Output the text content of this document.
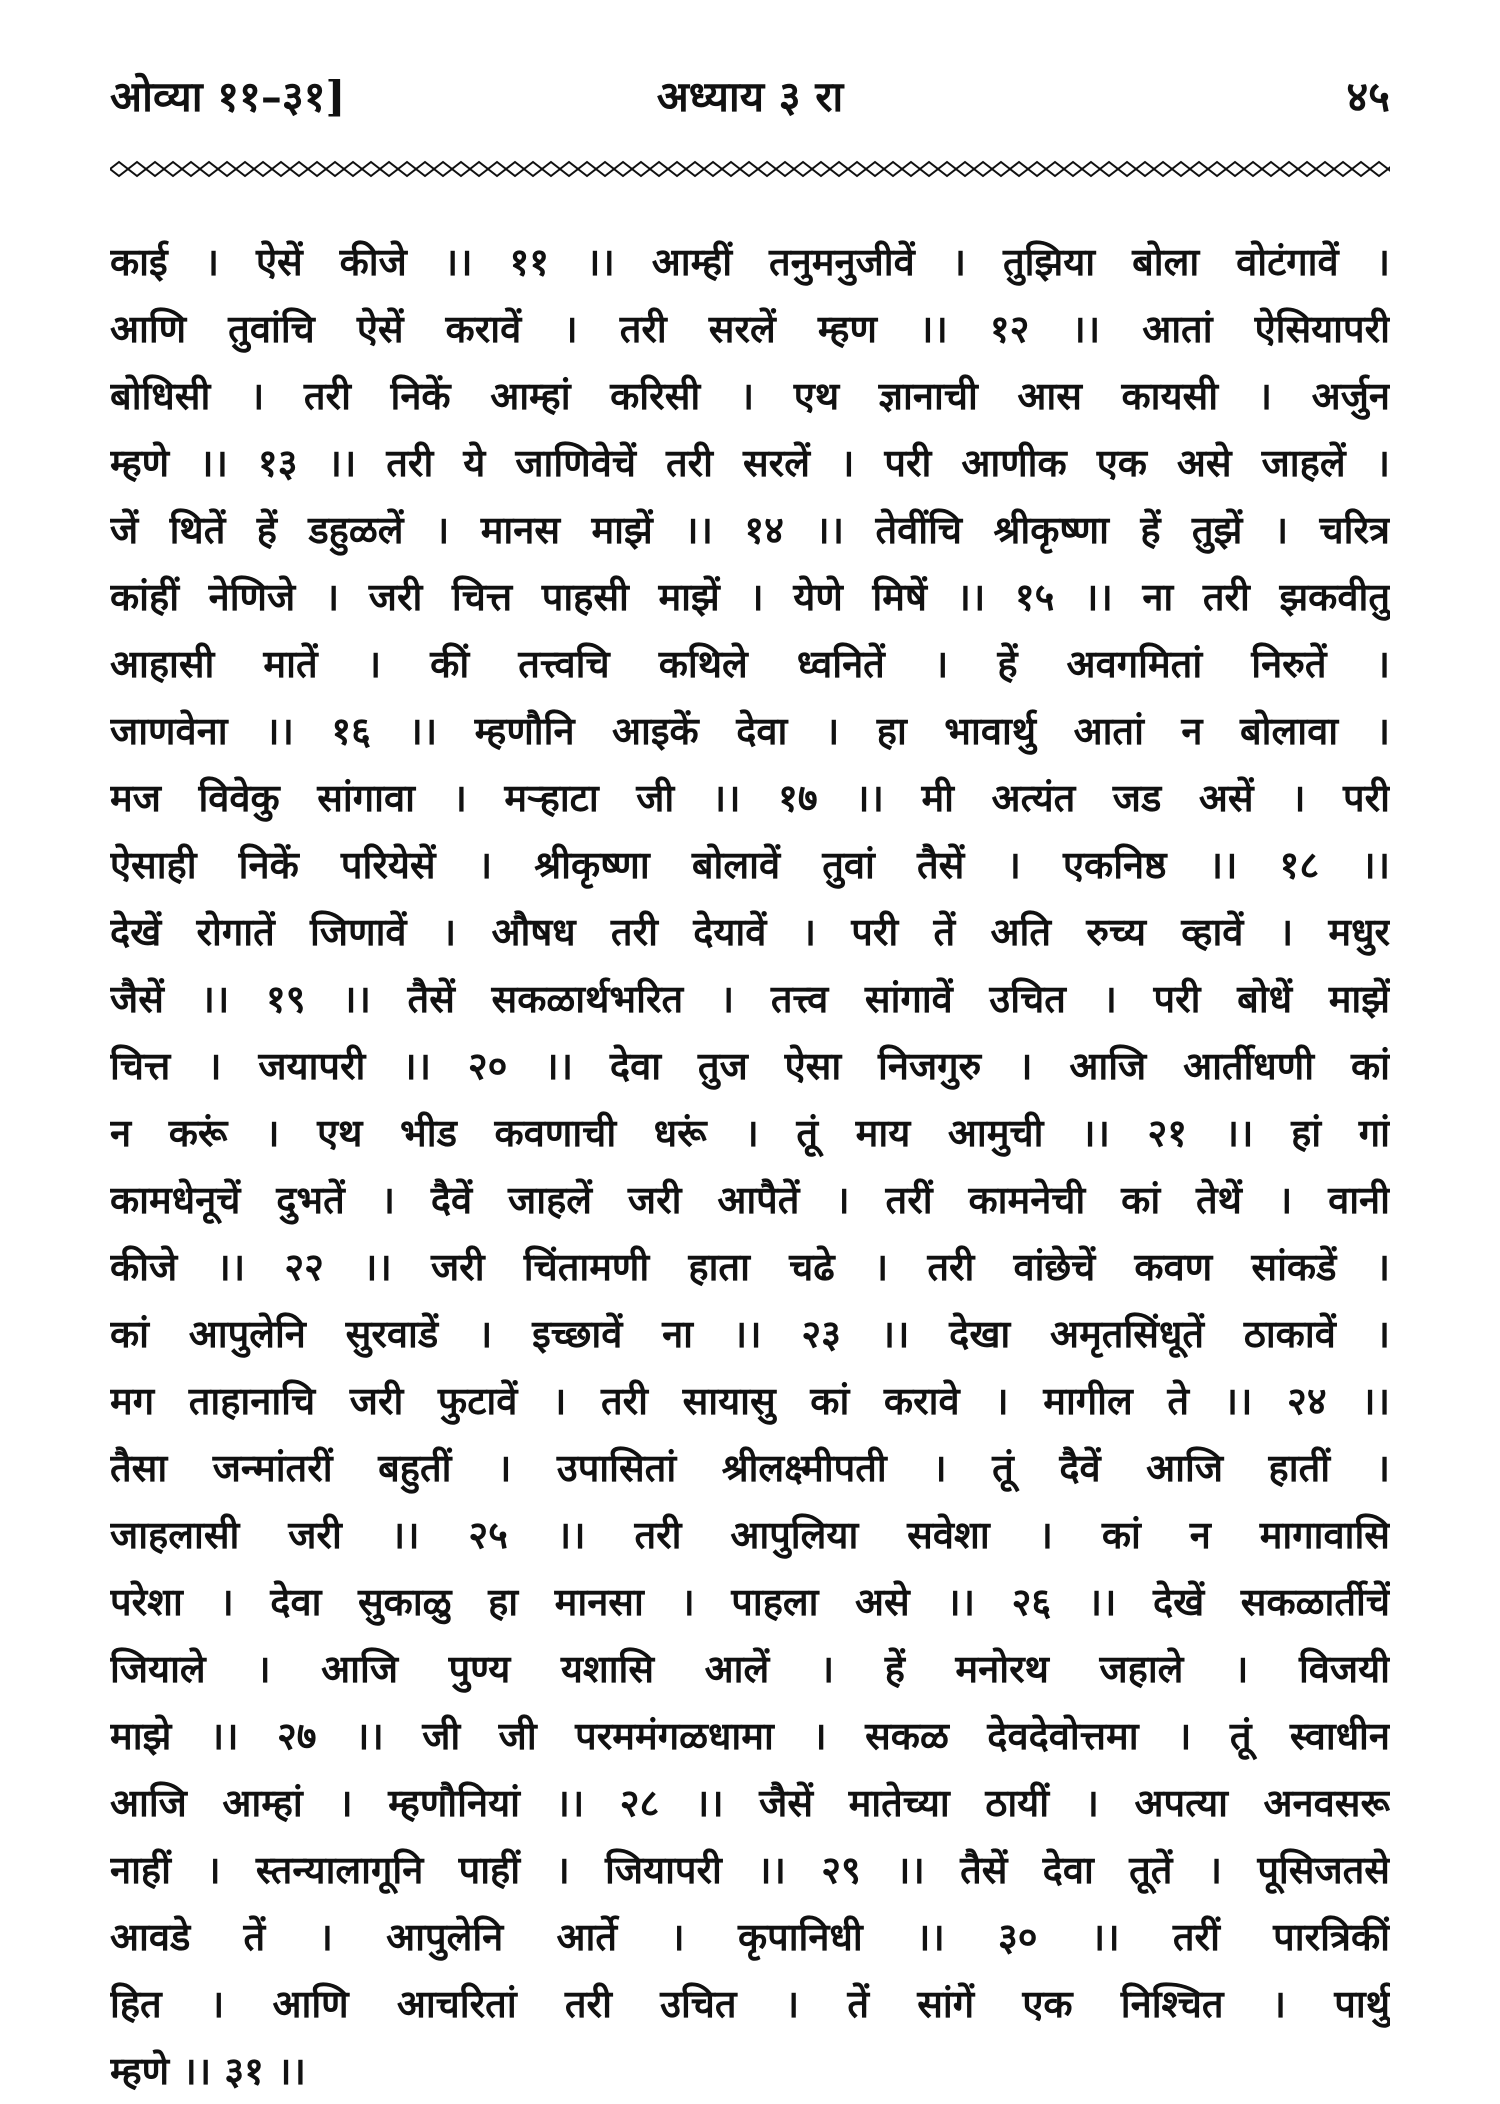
ओव्या ११–३१]	अध्याय ३ रा	४५
काई । ऐसें कीजे ।। ११ ।। आम्हीं तनुमनुजीवें । तुझिया बोला वोटंगावें ।
आणि तुवांचि ऐसें करावें । तरी सरलें म्हण ।। १२ ।। आतां ऐसियापरी
बोधिसी । तरी निकें आम्हां करिसी । एथ ज्ञानाची आस कायसी । अर्जुन
म्हणे ।। १३ ।। तरी ये जाणिवेचें तरी सरलें । परी आणीक एक असे जाहलें ।
जें थितें हें डहुळलें । मानस माझें ।। १४ ।। तेवींचि श्रीकृष्णा हें तुझें । चरित्र
कांहीं नेणिजे । जरी चित्त पाहसी माझें । येणे मिषें ।। १५ ।। ना तरी झकवीतु
आहासी मातें । कीं तत्त्वचि कथिले ध्वनितें । हें अवगमितां निरुतें ।
जाणवेना ।। १६ ।। म्हणौनि आइकें देवा । हा भावार्थु आतां न बोलावा ।
मज विवेकु सांगावा । मऱ्हाटा जी ।। १७ ।। मी अत्यंत जड असें । परी
ऐसाही निकें परियेसें । श्रीकृष्णा बोलावें तुवां तैसें । एकनिष्ठ ।। १८ ।।
देखें रोगातें जिणावें । औषध तरी देयावें । परी तें अति रुच्य व्हावें । मधुर
जैसें ।। १९ ।। तैसें सकळार्थभरित । तत्त्व सांगावें उचित । परी बोधें माझें
चित्त । जयापरी ।। २० ।। देवा तुज ऐसा निजगुरु । आजि आर्तीधणी कां
न करूं । एथ भीड कवणाची धरूं । तूं माय आमुची ।। २१ ।। हां गां
कामधेनूचें दुभतें । दैवें जाहलें जरी आपैतें । तरीं कामनेची कां तेथें । वानी
कीजे ।। २२ ।। जरी चिंतामणी हाता चढे । तरी वांछेचें कवण सांकडें ।
कां आपुलेनि सुरवाडें । इच्छावें ना ।। २३ ।। देखा अमृतसिंधूतें ठाकावें ।
मग ताहानाचि जरी फुटावें । तरी सायासु कां करावे । मागील ते ।। २४ ।।
तैसा जन्मांतरीं बहुतीं । उपासितां श्रीलक्ष्मीपती । तूं दैवें आजि हातीं ।
जाहलासी जरी ।। २५ ।। तरी आपुलिया सवेशा । कां न मागावासि
परेशा । देवा सुकाळु हा मानसा । पाहला असे ।। २६ ।। देखें सकळार्तीचें
जियाले । आजि पुण्य यशासि आलें । हें मनोरथ जहाले । विजयी
माझे ।। २७ ।। जी जी परममंगळधामा । सकळ देवदेवोत्तमा । तूं स्वाधीन
आजि आम्हां । म्हणौनियां ।। २८ ।। जैसें मातेच्या ठायीं । अपत्या अनवसरू
नाहीं । स्तन्यालागूनि पाहीं । जियापरी ।। २९ ।। तैसें देवा तूतें । पूसिजतसे
आवडे तें । आपुलेनि आर्ते । कृपानिधी ।। ३० ।। तरीं पारत्रिकीं
हित । आणि आचरितां तरी उचित । तें सांगें एक निश्चित । पार्थु
म्हणे ।। ३१ ।।
